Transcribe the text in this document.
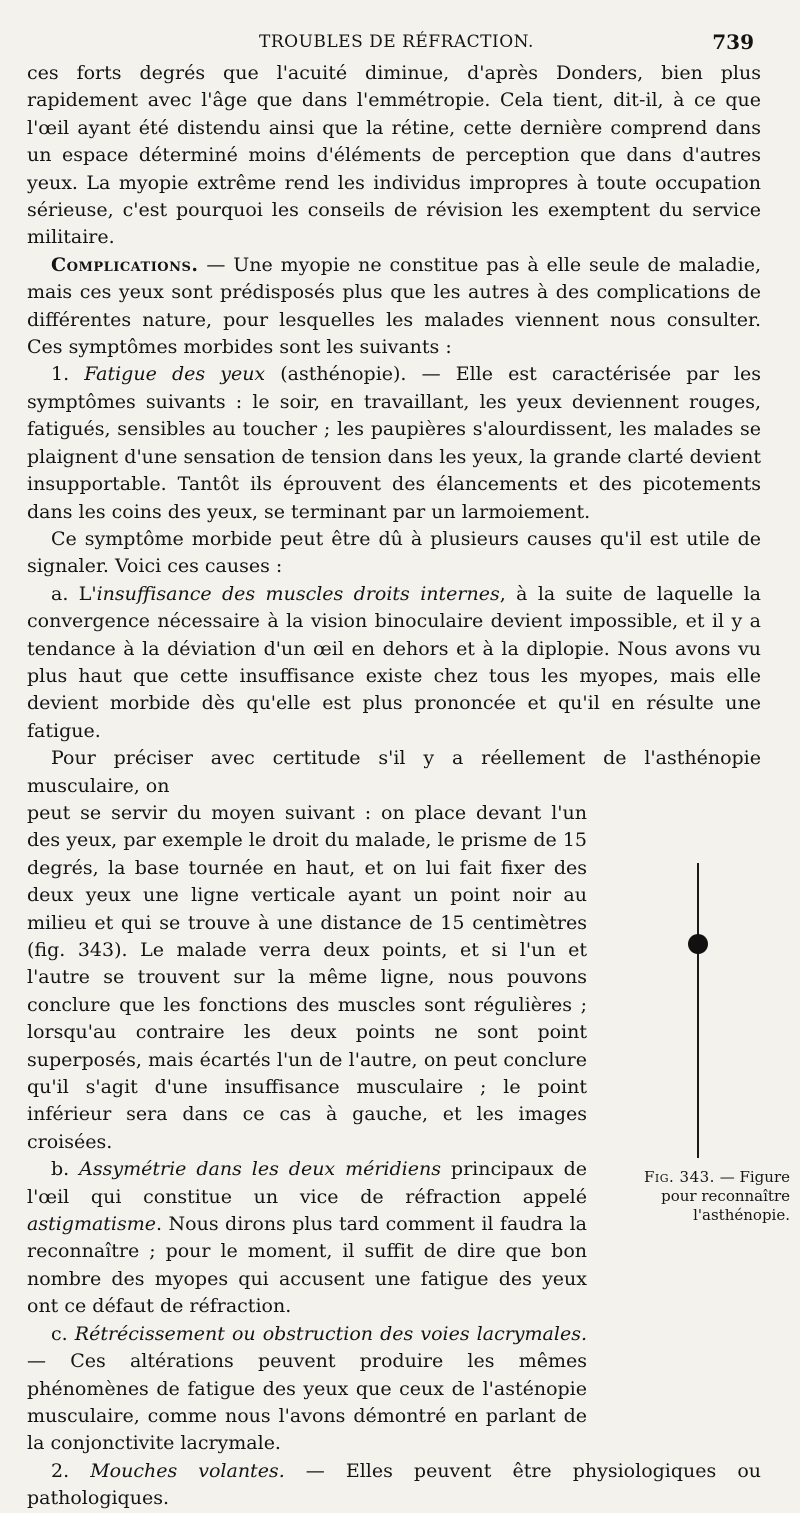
TROUBLES DE RÉFRACTION.	739

ces forts degrés que l'acuité diminue, d'après Donders, bien plus rapidement avec l'âge que dans l'emmétropie. Cela tient, dit-il, à ce que l'œil ayant été distendu ainsi que la rétine, cette dernière comprend dans un espace déterminé moins d'éléments de perception que dans d'autres yeux. La myopie extrême rend les individus impropres à toute occupation sérieuse, c'est pourquoi les conseils de révision les exemptent du service militaire.

Complications. — Une myopie ne constitue pas à elle seule de maladie, mais ces yeux sont prédisposés plus que les autres à des complications de différentes nature, pour lesquelles les malades viennent nous consulter. Ces symptômes morbides sont les suivants :

1. Fatigue des yeux (asthénopie). — Elle est caractérisée par les symptômes suivants : le soir, en travaillant, les yeux deviennent rouges, fatigués, sensibles au toucher ; les paupières s'alourdissent, les malades se plaignent d'une sensation de tension dans les yeux, la grande clarté devient insupportable. Tantôt ils éprouvent des élancements et des picotements dans les coins des yeux, se terminant par un larmoiement.

Ce symptôme morbide peut être dû à plusieurs causes qu'il est utile de signaler. Voici ces causes :

a. L'insuffisance des muscles droits internes, à la suite de laquelle la convergence nécessaire à la vision binoculaire devient impossible, et il y a tendance à la déviation d'un œil en dehors et à la diplopie. Nous avons vu plus haut que cette insuffisance existe chez tous les myopes, mais elle devient morbide dès qu'elle est plus prononcée et qu'il en résulte une fatigue.

Pour préciser avec certitude s'il y a réellement de l'asthénopie musculaire, on

peut se servir du moyen suivant : on place devant l'un des yeux, par exemple le droit du malade, le prisme de 15 degrés, la base tournée en haut, et on lui fait fixer des deux yeux une ligne verticale ayant un point noir au milieu et qui se trouve à une distance de 15 centimètres (fig. 343). Le malade verra deux points, et si l'un et l'autre se trouvent sur la même ligne, nous pouvons conclure que les fonctions des muscles sont régulières ; lorsqu'au contraire les deux points ne sont point superposés, mais écartés l'un de l'autre, on peut conclure qu'il s'agit d'une insuffisance musculaire ; le point inférieur sera dans ce cas à gauche, et les images croisées.

b. Assymétrie dans les deux méridiens principaux de l'œil qui constitue un vice de réfraction appelé astigmatisme. Nous dirons plus tard comment il faudra la reconnaître ; pour le moment, il suffit de dire que bon nombre des myopes qui accusent une fatigue des yeux ont ce défaut de réfraction.

c. Rétrécissement ou obstruction des voies lacrymales.— Ces altérations peuvent produire les mêmes phénomènes de fatigue des yeux que ceux de l'asténopie musculaire, comme nous l'avons démontré en parlant de la conjonctivite lacrymale.

2. Mouches volantes. — Elles peuvent être physiologiques ou pathologiques.

Fig. 343. — Figure pour reconnaître l'asthénopie.
